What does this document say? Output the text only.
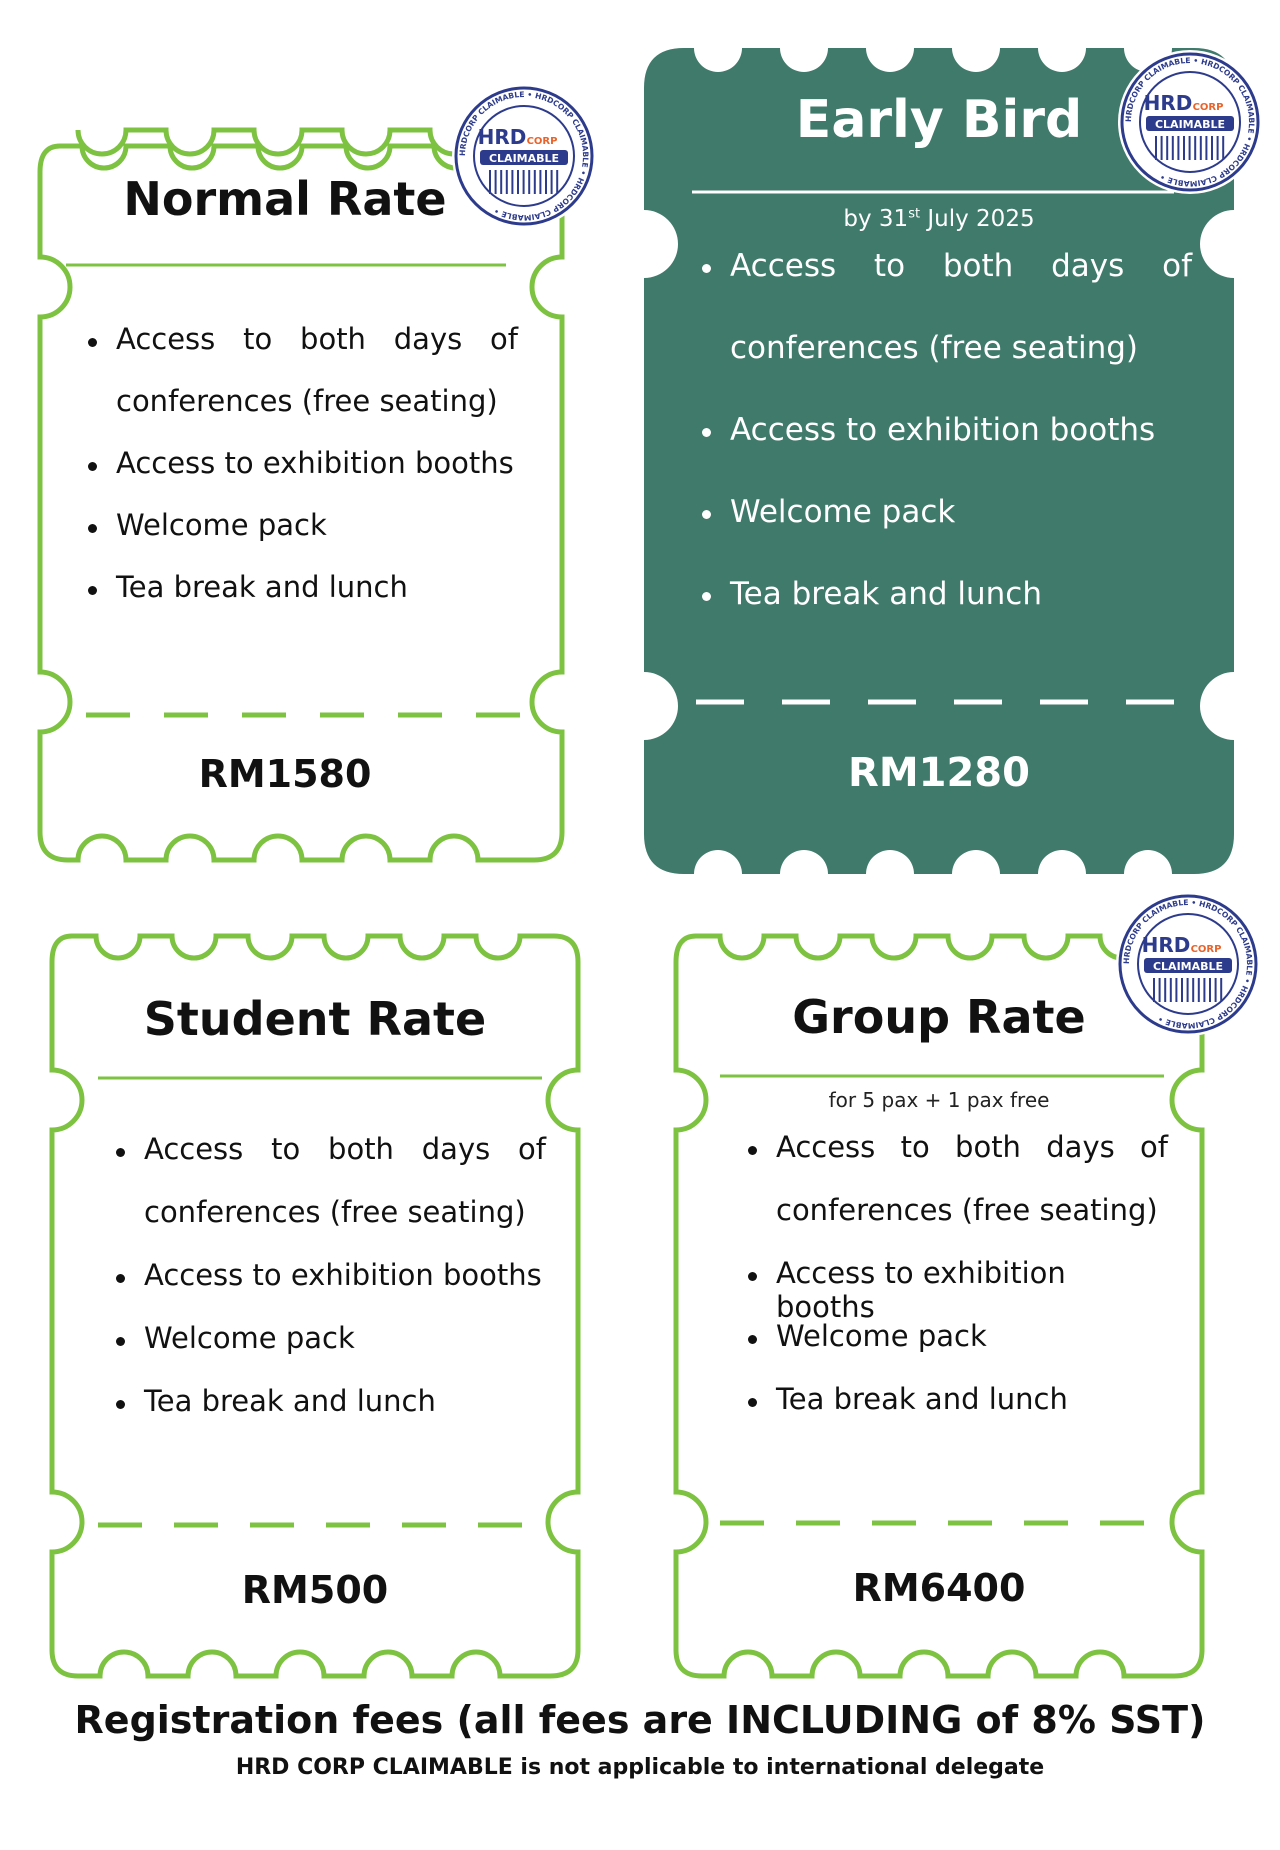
Normal Rate
Access to both days of
conferences (free seating)
Access to exhibition booths
Welcome pack
Tea break and lunch
RM1580
HRDCORP CLAIMABLE • HRDCORP CLAIMABLE • HRDCORP CLAIMABLE •
HRD CORP
CLAIMABLE
Early Bird
by 31st July 2025
Access to both days of
conferences (free seating)
Access to exhibition booths
Welcome pack
Tea break and lunch
RM1280
HRDCORP CLAIMABLE • HRDCORP CLAIMABLE • HRDCORP CLAIMABLE •
HRD CORP
CLAIMABLE
Student Rate
Access to both days of
conferences (free seating)
Access to exhibition booths
Welcome pack
Tea break and lunch
RM500
Group Rate
for 5 pax + 1 pax free
Access to both days of
conferences (free seating)
Access to exhibition booths
Welcome pack
Tea break and lunch
RM6400
HRDCORP CLAIMABLE • HRDCORP CLAIMABLE • HRDCORP CLAIMABLE •
HRD CORP
CLAIMABLE
Registration fees (all fees are INCLUDING of 8% SST)
HRD CORP CLAIMABLE is not applicable to international delegate
